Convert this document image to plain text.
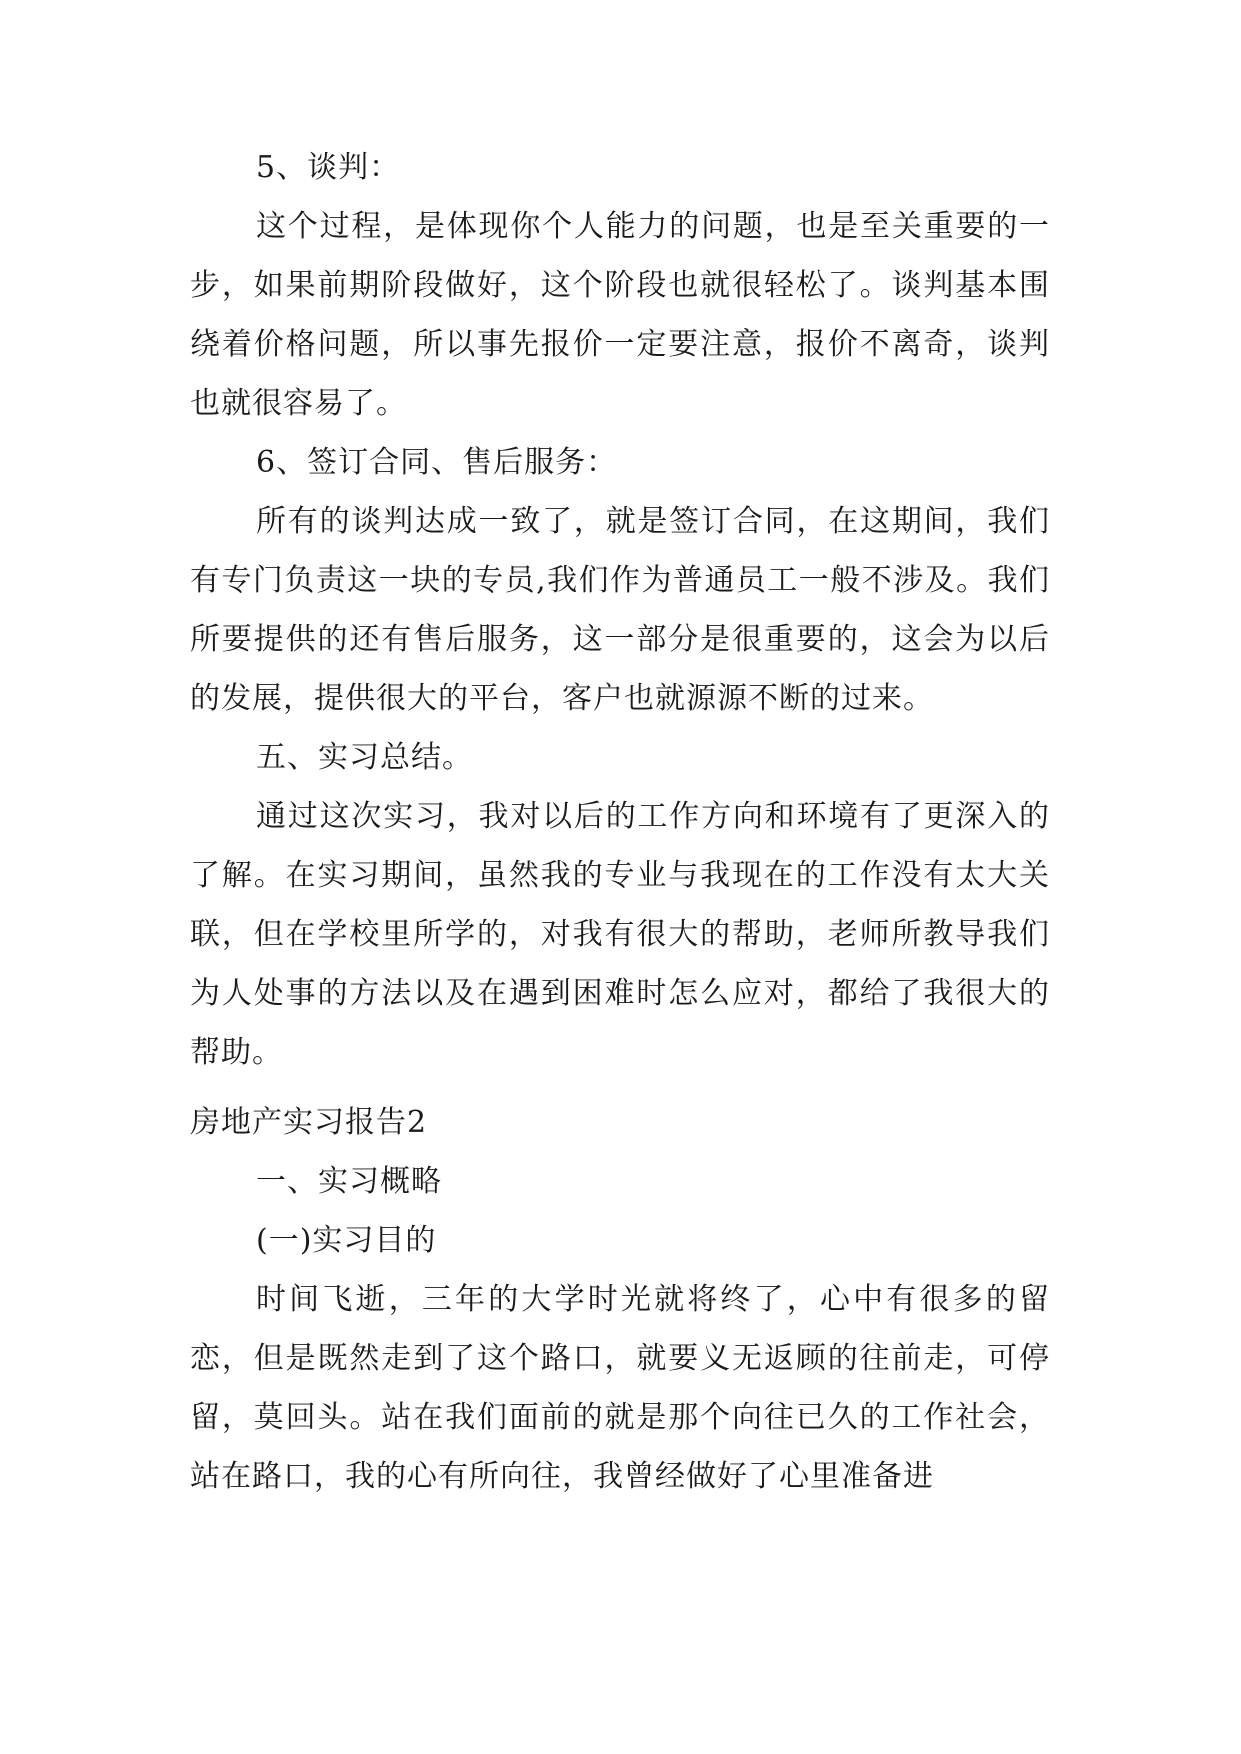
5、谈判：

这个过程，是体现你个人能力的问题，也是至关重要的一步，如果前期阶段做好，这个阶段也就很轻松了。谈判基本围绕着价格问题，所以事先报价一定要注意，报价不离奇，谈判也就很容易了。

6、签订合同、售后服务：

所有的谈判达成一致了，就是签订合同，在这期间，我们有专门负责这一块的专员,我们作为普通员工一般不涉及。我们所要提供的还有售后服务，这一部分是很重要的，这会为以后的发展，提供很大的平台，客户也就源源不断的过来。

五、实习总结。

通过这次实习，我对以后的工作方向和环境有了更深入的了解。在实习期间，虽然我的专业与我现在的工作没有太大关联，但在学校里所学的，对我有很大的帮助，老师所教导我们为人处事的方法以及在遇到困难时怎么应对，都给了我很大的帮助。

房地产实习报告2

一、实习概略

(一)实习目的

时间飞逝，三年的大学时光就将终了，心中有很多的留恋，但是既然走到了这个路口，就要义无返顾的往前走，可停留，莫回头。站在我们面前的就是那个向往已久的工作社会，站在路口，我的心有所向往，我曾经做好了心里准备进
